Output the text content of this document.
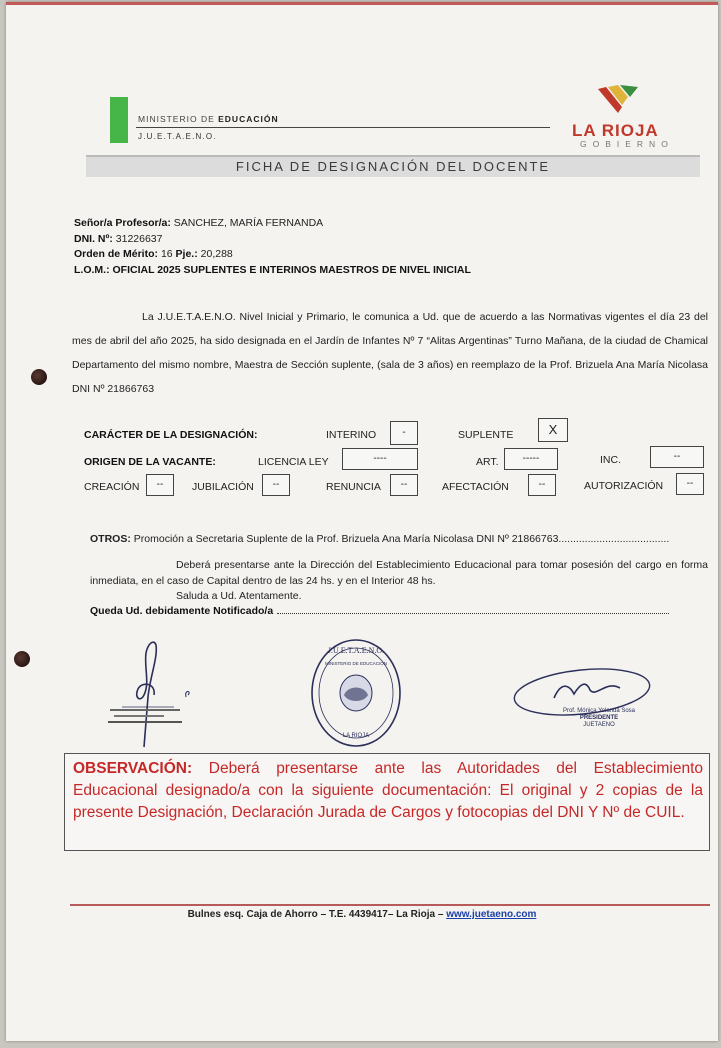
MINISTERIO DE EDUCACIÓN
J.U.E.T.A.E.N.O.	LA RIOJA
GOBIERNO
FICHA DE DESIGNACIÓN DEL DOCENTE
Señor/a Profesor/a: SANCHEZ, MARÍA FERNANDA
DNI. Nº: 31226637
Orden de Mérito: 16 Pje.: 20,288
L.O.M.: OFICIAL 2025 SUPLENTES E INTERINOS MAESTROS DE NIVEL INICIAL
La J.U.E.T.A.E.N.O. Nivel Inicial y Primario, le comunica a Ud. que de acuerdo a las Normativas vigentes el día 23 del mes de abril del año 2025, ha sido designada en el Jardín de Infantes Nº 7 “Alitas Argentinas” Turno Mañana, de la ciudad de Chamical Departamento del mismo nombre, Maestra de Sección suplente, (sala de 3 años) en reemplazo de la Prof. Brizuela Ana María Nicolasa DNI Nº 21866763
CARÁCTER DE LA DESIGNACIÓN:	INTERINO	-	SUPLENTE	X
ORIGEN DE LA VACANTE:	LICENCIA LEY	----	ART.	-----	INC.	--
CREACIÓN	--	JUBILACIÓN	--	RENUNCIA	--	AFECTACIÓN	--	AUTORIZACIÓN	--
OTROS: Promoción a Secretaria Suplente de la Prof. Brizuela Ana María Nicolasa DNI Nº 21866763......................................
Deberá presentarse ante la Dirección del Establecimiento Educacional para tomar posesión del cargo en forma inmediata, en el caso de Capital dentro de las 24 hs. y en el Interior 48 hs.
Saluda a Ud. Atentamente.
Queda Ud. debidamente Notificado/a
J.U.E.T.A.E.N.O.
MINISTERIO DE EDUCACIÓN
LA RIOJA
Prof. Mónica Yolanda Sosa
PRESIDENTE
JUETAENO
OBSERVACIÓN: Deberá presentarse ante las Autoridades del Establecimiento Educacional designado/a con la siguiente documentación: El original y 2 copias de la presente Designación, Declaración Jurada de Cargos y fotocopias del DNI Y Nº de CUIL.
Bulnes esq. Caja de Ahorro – T.E. 4439417– La Rioja – www.juetaeno.com
